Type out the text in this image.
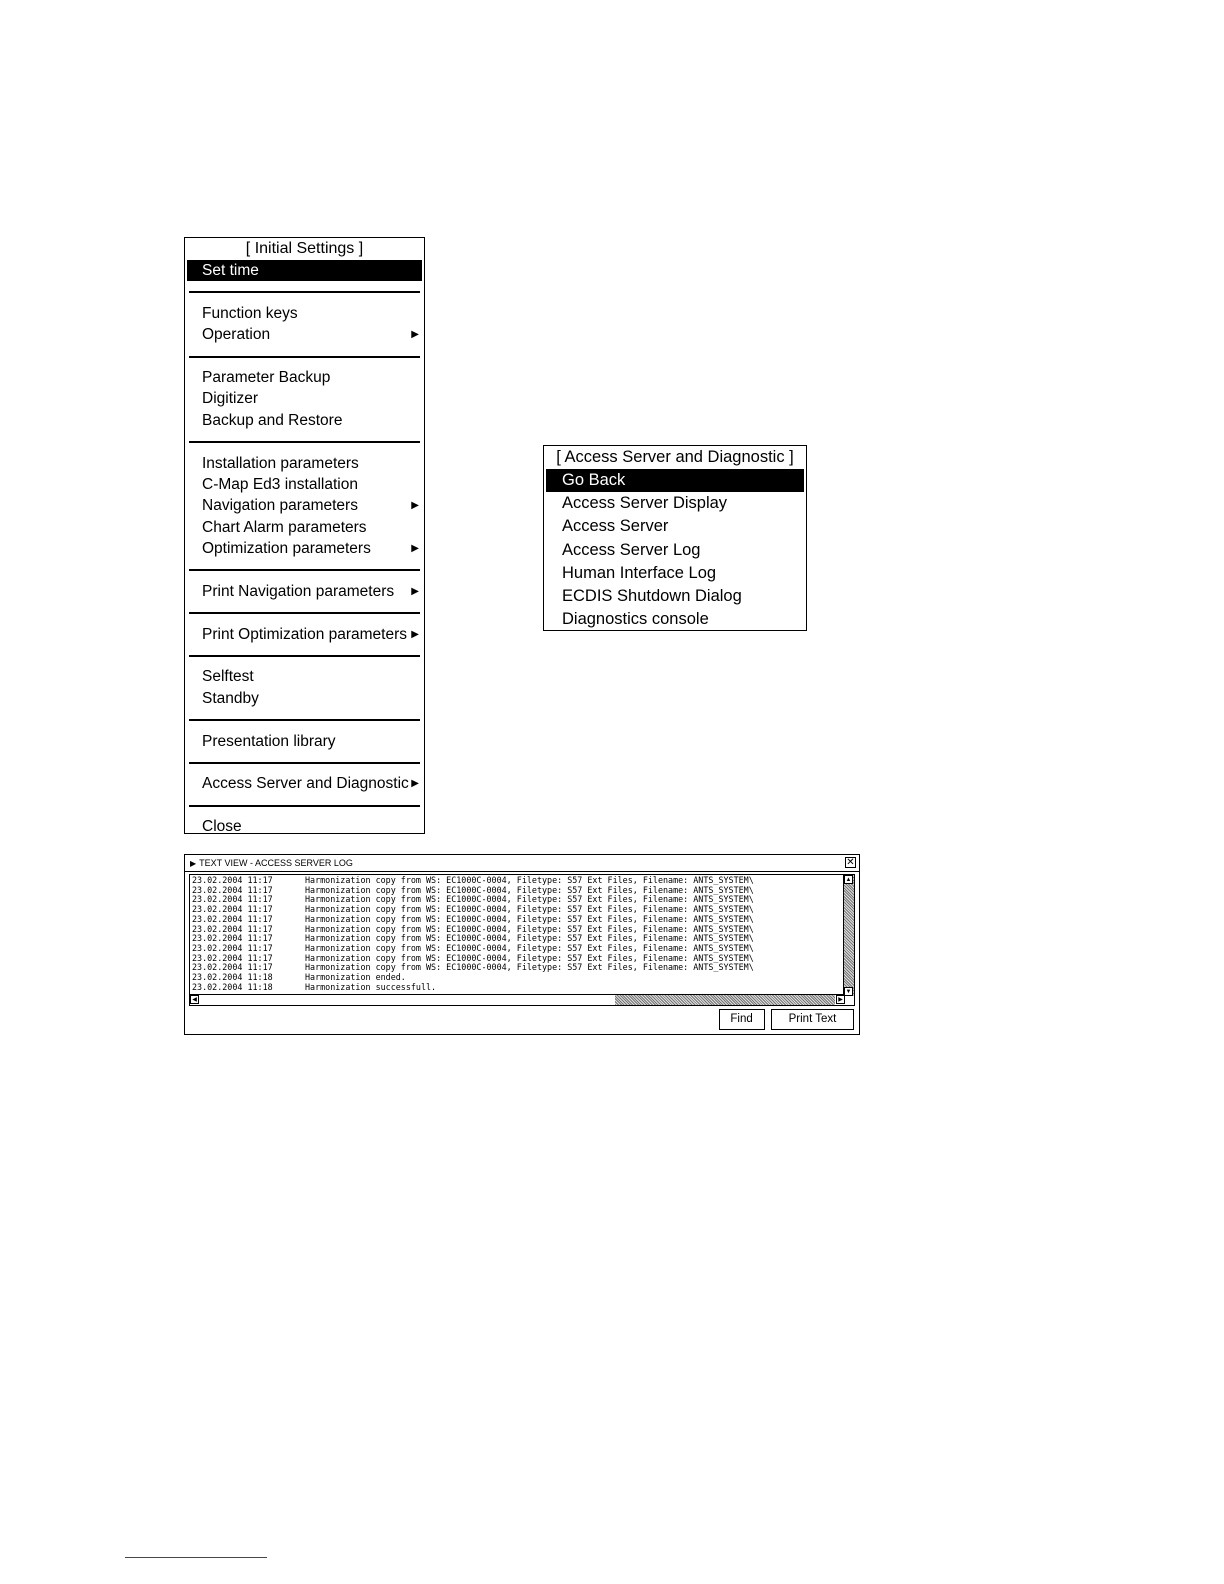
[ Initial Settings ]
Set time
Function keys
Operation	▶
Parameter Backup
Digitizer
Backup and Restore
Installation parameters
C-Map Ed3 installation
Navigation parameters	▶
Chart Alarm parameters
Optimization parameters	▶
Print Navigation parameters ▶
Print Optimization parameters ▶
Selftest
Standby
Presentation library
Access Server and Diagnostic ▶
Close
[ Access Server and Diagnostic ]
Go Back
Access Server Display
Access Server
Access Server Log
Human Interface Log
ECDIS Shutdown Dialog
Diagnostics console
▶ TEXT VIEW - ACCESS SERVER LOG	✕
23.02.2004 11:17	Harmonization copy from WS: EC1000C-0004, Filetype: S57 Ext Files, Filename: ANTS_SYSTEM\
23.02.2004 11:17	Harmonization copy from WS: EC1000C-0004, Filetype: S57 Ext Files, Filename: ANTS_SYSTEM\
23.02.2004 11:17	Harmonization copy from WS: EC1000C-0004, Filetype: S57 Ext Files, Filename: ANTS_SYSTEM\
23.02.2004 11:17	Harmonization copy from WS: EC1000C-0004, Filetype: S57 Ext Files, Filename: ANTS_SYSTEM\
23.02.2004 11:17	Harmonization copy from WS: EC1000C-0004, Filetype: S57 Ext Files, Filename: ANTS_SYSTEM\
23.02.2004 11:17	Harmonization copy from WS: EC1000C-0004, Filetype: S57 Ext Files, Filename: ANTS_SYSTEM\
23.02.2004 11:17	Harmonization copy from WS: EC1000C-0004, Filetype: S57 Ext Files, Filename: ANTS_SYSTEM\
23.02.2004 11:17	Harmonization copy from WS: EC1000C-0004, Filetype: S57 Ext Files, Filename: ANTS_SYSTEM\
23.02.2004 11:17	Harmonization copy from WS: EC1000C-0004, Filetype: S57 Ext Files, Filename: ANTS_SYSTEM\
23.02.2004 11:17	Harmonization copy from WS: EC1000C-0004, Filetype: S57 Ext Files, Filename: ANTS_SYSTEM\
23.02.2004 11:18	Harmonization ended.
23.02.2004 11:18	Harmonization successfull.
▲
▼
◀	▶
Find	Print Text
